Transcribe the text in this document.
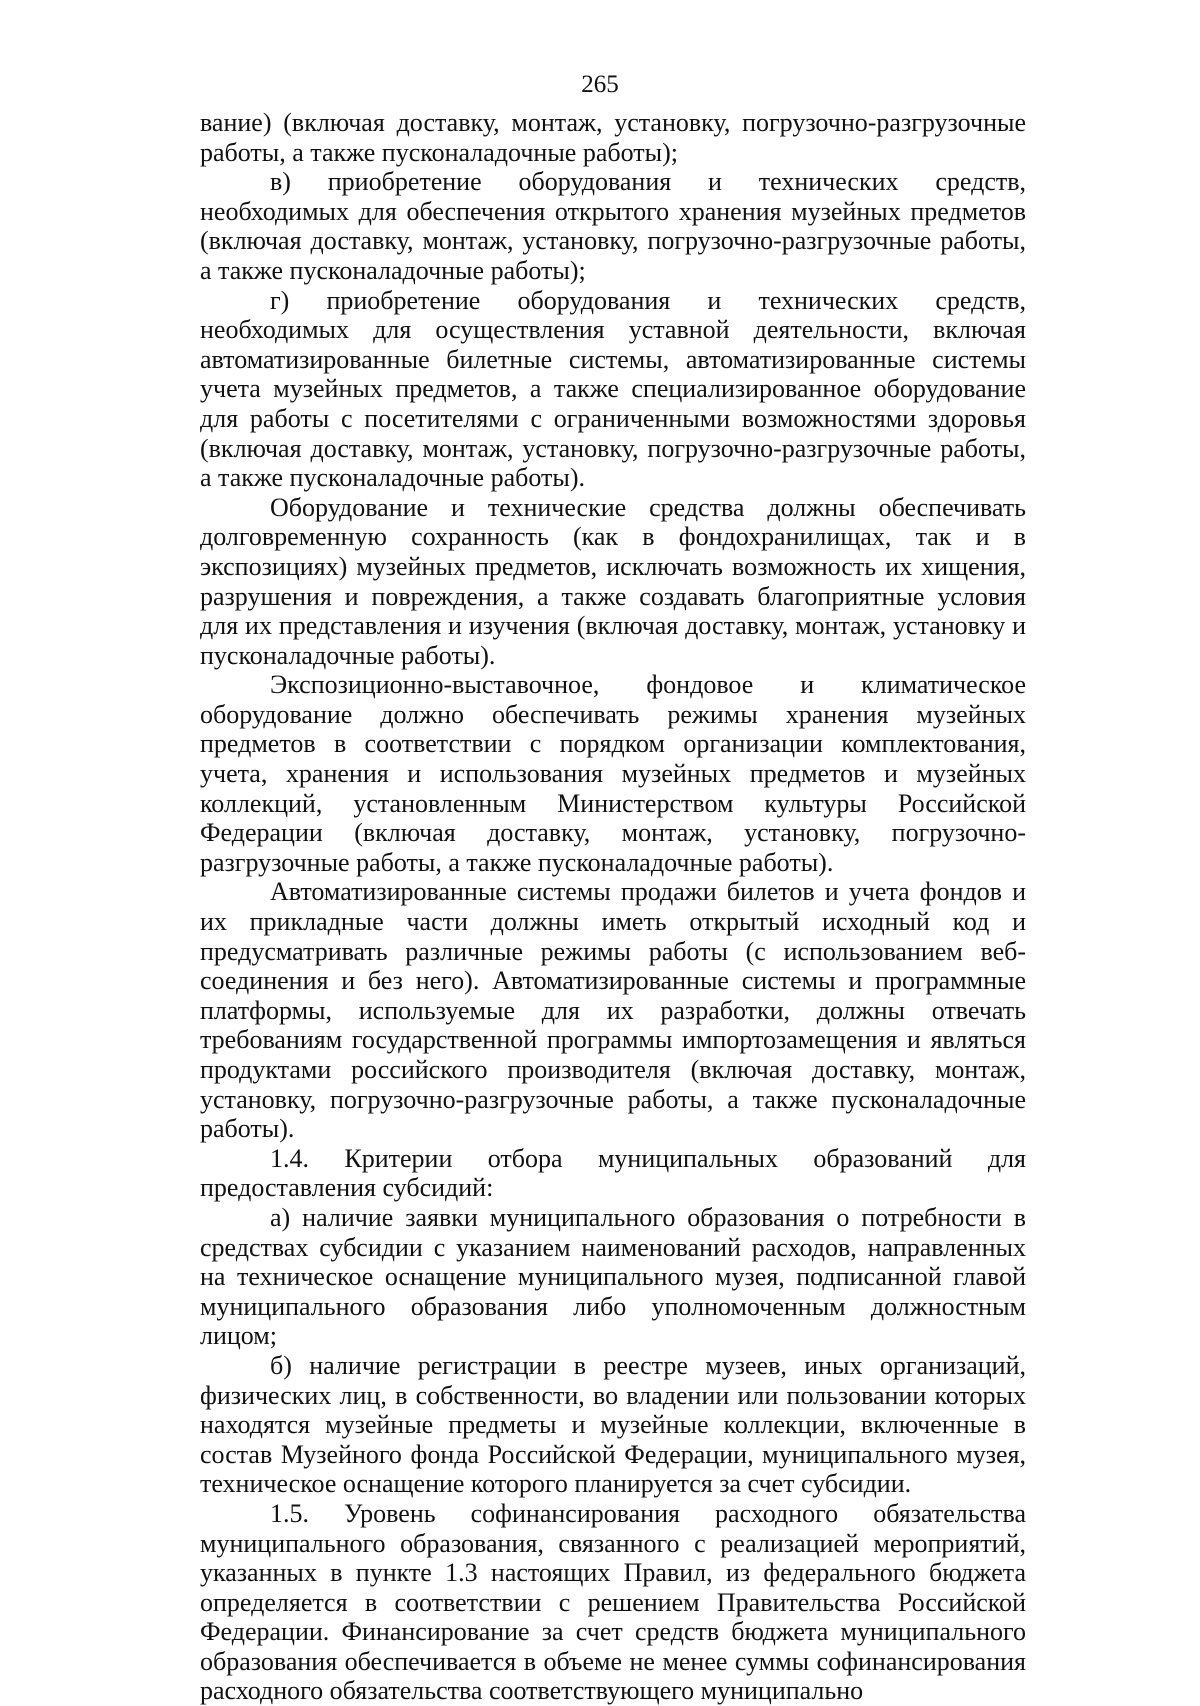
265

вание) (включая доставку, монтаж, установку, погрузочно-разгрузочные работы, а также пусконаладочные работы);

в) приобретение оборудования и технических средств, необходимых для обеспечения открытого хранения музейных предметов (включая доставку, монтаж, установку, погрузочно-разгрузочные работы, а также пусконаладочные работы);

г) приобретение оборудования и технических средств, необходимых для осуществления уставной деятельности, включая автоматизированные билетные системы, автоматизированные системы учета музейных предметов, а также специализированное оборудование для работы с посетителями с ограниченными возможностями здоровья (включая доставку, монтаж, установку, погрузочно-разгрузочные работы, а также пусконаладочные работы).

Оборудование и технические средства должны обеспечивать долговременную сохранность (как в фондохранилищах, так и в экспозициях) музейных предметов, исключать возможность их хищения, разрушения и повреждения, а также создавать благоприятные условия для их представления и изучения (включая доставку, монтаж, установку и пусконаладочные работы).

Экспозиционно-выставочное, фондовое и климатическое оборудование должно обеспечивать режимы хранения музейных предметов в соответствии с порядком организации комплектования, учета, хранения и использования музейных предметов и музейных коллекций, установленным Министерством культуры Российской Федерации (включая доставку, монтаж, установку, погрузочно-разгрузочные работы, а также пусконаладочные работы).

Автоматизированные системы продажи билетов и учета фондов и их прикладные части должны иметь открытый исходный код и предусматривать различные режимы работы (с использованием веб-соединения и без него). Автоматизированные системы и программные платформы, используемые для их разработки, должны отвечать требованиям государственной программы импортозамещения и являться продуктами российского производителя (включая доставку, монтаж, установку, погрузочно-разгрузочные работы, а также пусконаладочные работы).

1.4. Критерии отбора муниципальных образований для предоставления субсидий:

а) наличие заявки муниципального образования о потребности в средствах субсидии с указанием наименований расходов, направленных на техническое оснащение муниципального музея, подписанной главой муниципального образования либо уполномоченным должностным лицом;

б) наличие регистрации в реестре музеев, иных организаций, физических лиц, в собственности, во владении или пользовании которых находятся музейные предметы и музейные коллекции, включенные в состав Музейного фонда Российской Федерации, муниципального музея, техническое оснащение которого планируется за счет субсидии.

1.5. Уровень софинансирования расходного обязательства муниципального образования, связанного с реализацией мероприятий, указанных в пункте 1.3 настоящих Правил, из федерального бюджета определяется в соответствии с решением Правительства Российской Федерации. Финансирование за счет средств бюджета муниципального образования обеспечивается в объеме не менее суммы софинансирования расходного обязательства соответствующего муниципально
